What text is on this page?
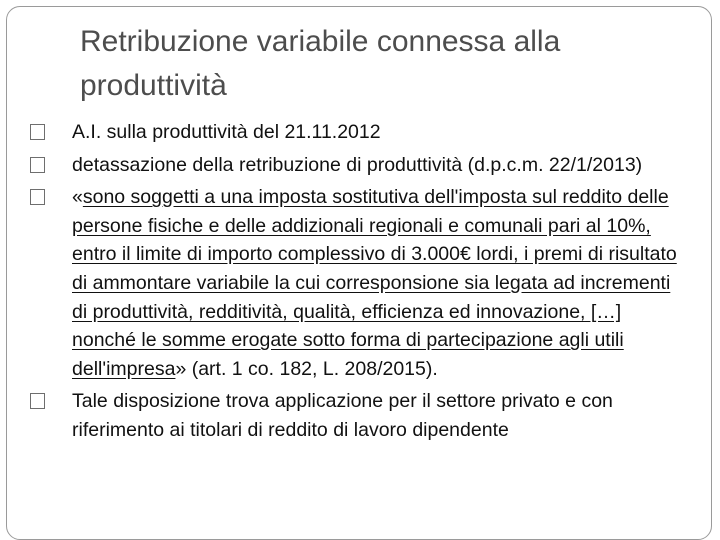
Retribuzione variabile connessa alla produttività
A.I. sulla produttività del 21.11.2012
detassazione della retribuzione di produttività (d.p.c.m. 22/1/2013)
«sono soggetti a una imposta sostitutiva dell'imposta sul reddito delle persone fisiche e delle addizionali regionali e comunali pari al 10%, entro il limite di importo complessivo di 3.000€ lordi, i premi di risultato di ammontare variabile la cui corresponsione sia legata ad incrementi di produttività, redditività, qualità, efficienza ed innovazione, […] nonché le somme erogate sotto forma di partecipazione agli utili dell'impresa» (art. 1 co. 182, L. 208/2015).
Tale disposizione trova applicazione per il settore privato e con riferimento ai titolari di reddito di lavoro dipendente
